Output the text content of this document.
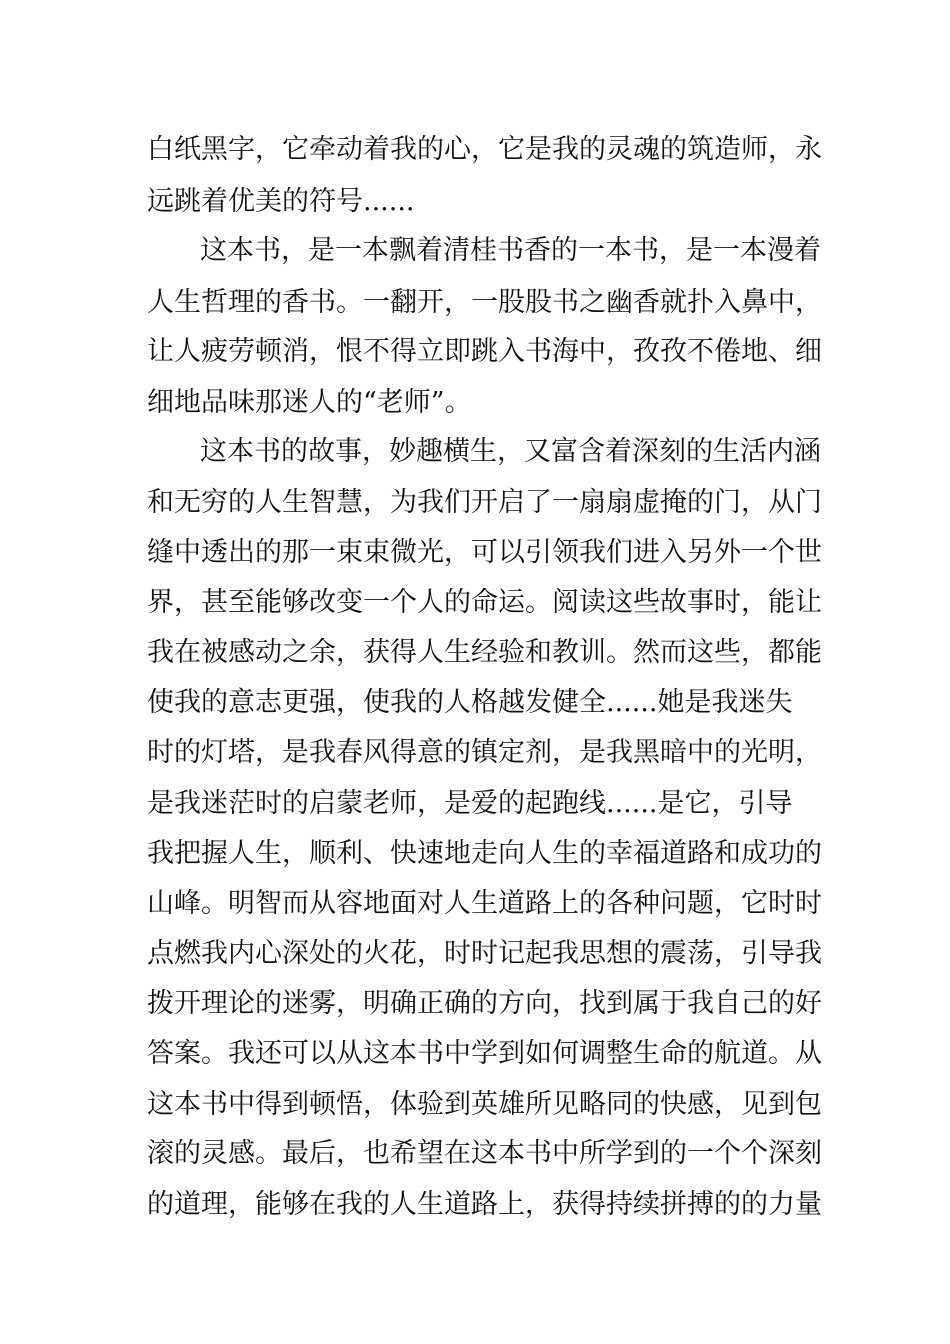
白纸黑字，它牵动着我的心，它是我的灵魂的筑造师，永

远跳着优美的符号......

这本书，是一本飘着清桂书香的一本书，是一本漫着

人生哲理的香书。一翻开，一股股书之幽香就扑入鼻中，

让人疲劳顿消，恨不得立即跳入书海中，孜孜不倦地、细

细地品味那迷人的“老师”。

这本书的故事，妙趣横生，又富含着深刻的生活内涵

和无穷的人生智慧，为我们开启了一扇扇虚掩的门，从门

缝中透出的那一束束微光，可以引领我们进入另外一个世

界，甚至能够改变一个人的命运。阅读这些故事时，能让

我在被感动之余，获得人生经验和教训。然而这些，都能

使我的意志更强，使我的人格越发健全......她是我迷失

时的灯塔，是我春风得意的镇定剂，是我黑暗中的光明，

是我迷茫时的启蒙老师，是爱的起跑线......是它，引导

我把握人生，顺利、快速地走向人生的幸福道路和成功的

山峰。明智而从容地面对人生道路上的各种问题，它时时

点燃我内心深处的火花，时时记起我思想的震荡，引导我

拨开理论的迷雾，明确正确的方向，找到属于我自己的好

答案。我还可以从这本书中学到如何调整生命的航道。从

这本书中得到顿悟，体验到英雄所见略同的快感，见到包

滚的灵感。最后，也希望在这本书中所学到的一个个深刻

的道理，能够在我的人生道路上，获得持续拼搏的的力量
